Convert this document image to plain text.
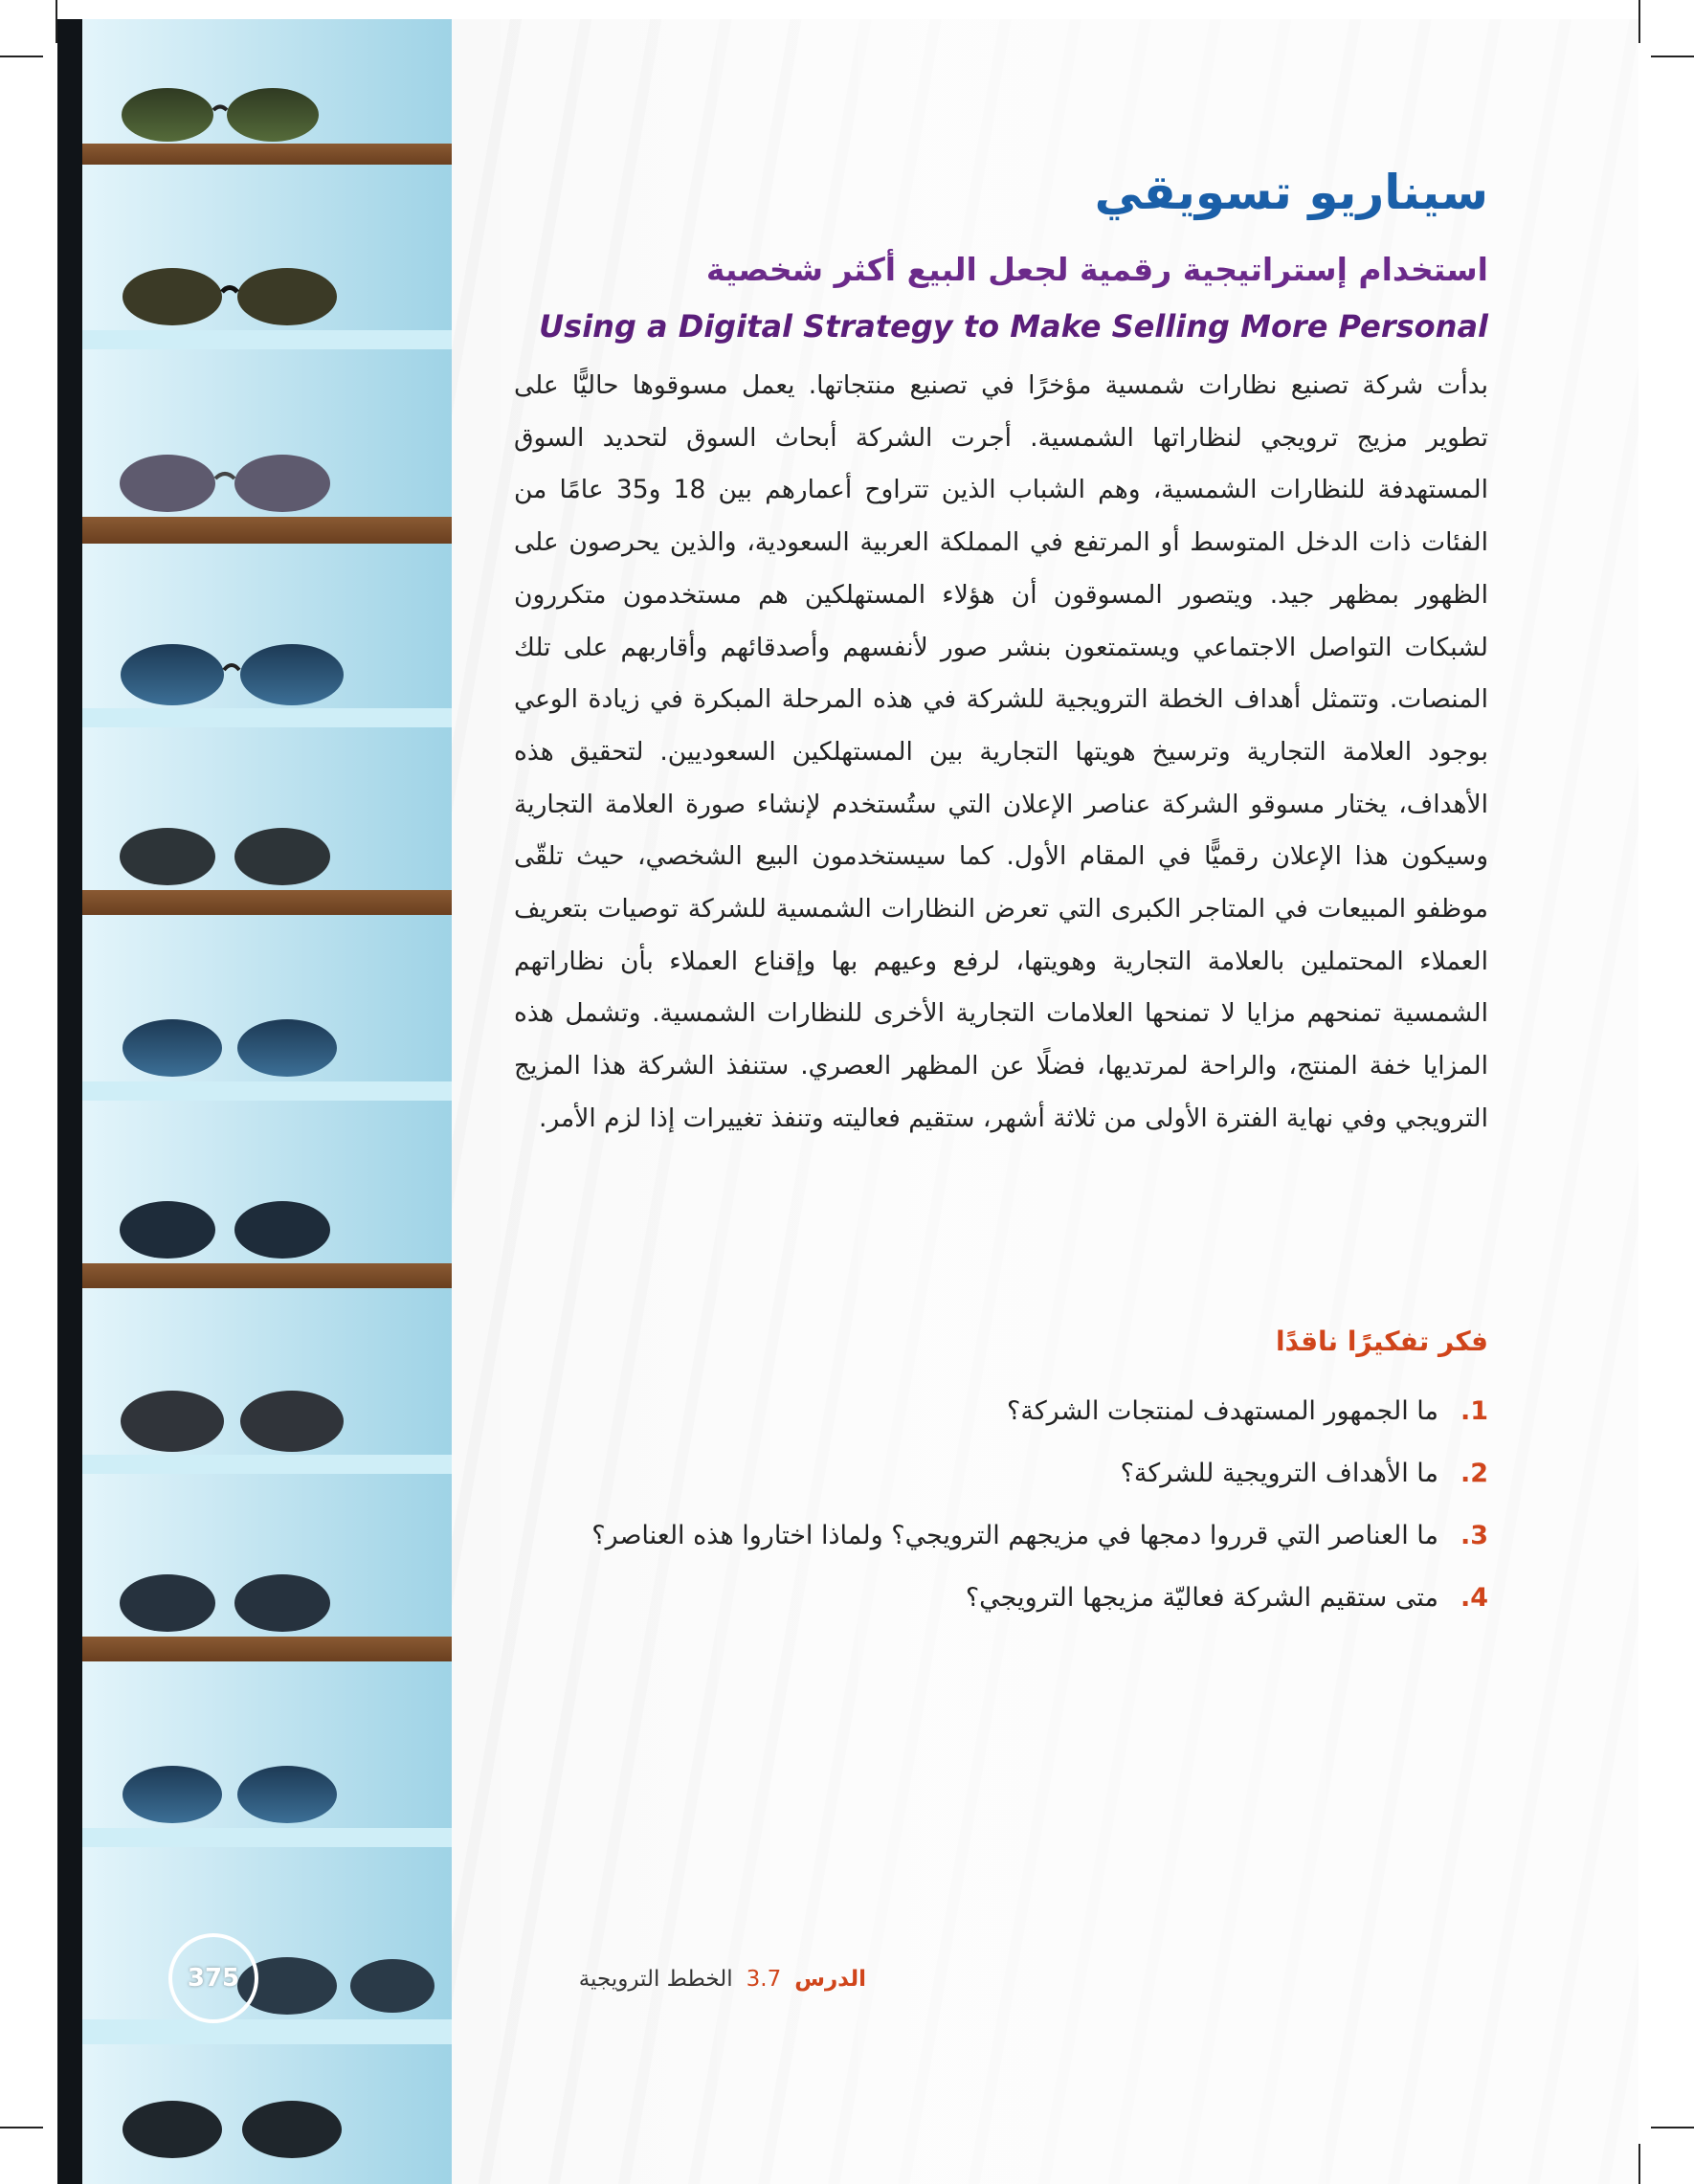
375
سيناريو تسويقي
استخدام إستراتيجية رقمية لجعل البيع أكثر شخصية
Using a Digital Strategy to Make Selling More Personal

بدأت شركة تصنيع نظارات شمسية مؤخرًا في تصنيع منتجاتها. يعمل مسوقوها حاليًّا على تطوير مزيج ترويجي لنظاراتها الشمسية. أجرت الشركة أبحاث السوق لتحديد السوق المستهدفة للنظارات الشمسية، وهم الشباب الذين تتراوح أعمارهم بين 18 و35 عامًا من الفئات ذات الدخل المتوسط أو المرتفع في المملكة العربية السعودية، والذين يحرصون على الظهور بمظهر جيد. ويتصور المسوقون أن هؤلاء المستهلكين هم مستخدمون متكررون لشبكات التواصل الاجتماعي ويستمتعون بنشر صور لأنفسهم وأصدقائهم وأقاربهم على تلك المنصات. وتتمثل أهداف الخطة الترويجية للشركة في هذه المرحلة المبكرة في زيادة الوعي بوجود العلامة التجارية وترسيخ هويتها التجارية بين المستهلكين السعوديين. لتحقيق هذه الأهداف، يختار مسوقو الشركة عناصر الإعلان التي ستُستخدم لإنشاء صورة العلامة التجارية وسيكون هذا الإعلان رقميًّا في المقام الأول. كما سيستخدمون البيع الشخصي، حيث تلقّى موظفو المبيعات في المتاجر الكبرى التي تعرض النظارات الشمسية للشركة توصيات بتعريف العملاء المحتملين بالعلامة التجارية وهويتها، لرفع وعيهم بها وإقناع العملاء بأن نظاراتهم الشمسية تمنحهم مزايا لا تمنحها العلامات التجارية الأخرى للنظارات الشمسية. وتشمل هذه المزايا خفة المنتج، والراحة لمرتديها، فضلًا عن المظهر العصري. ستنفذ الشركة هذا المزيج الترويجي وفي نهاية الفترة الأولى من ثلاثة أشهر، ستقيم فعاليته وتنفذ تغييرات إذا لزم الأمر.

فكر تفكيرًا ناقدًا
1.
ما الجمهور المستهدف لمنتجات الشركة؟
2.
ما الأهداف الترويجية للشركة؟
3.
ما العناصر التي قرروا دمجها في مزيجهم الترويجي؟ ولماذا اختاروا هذه العناصر؟
4.
متى ستقيم الشركة فعاليّة مزيجها الترويجي؟
الدرس
3.7
الخطط الترويجية
